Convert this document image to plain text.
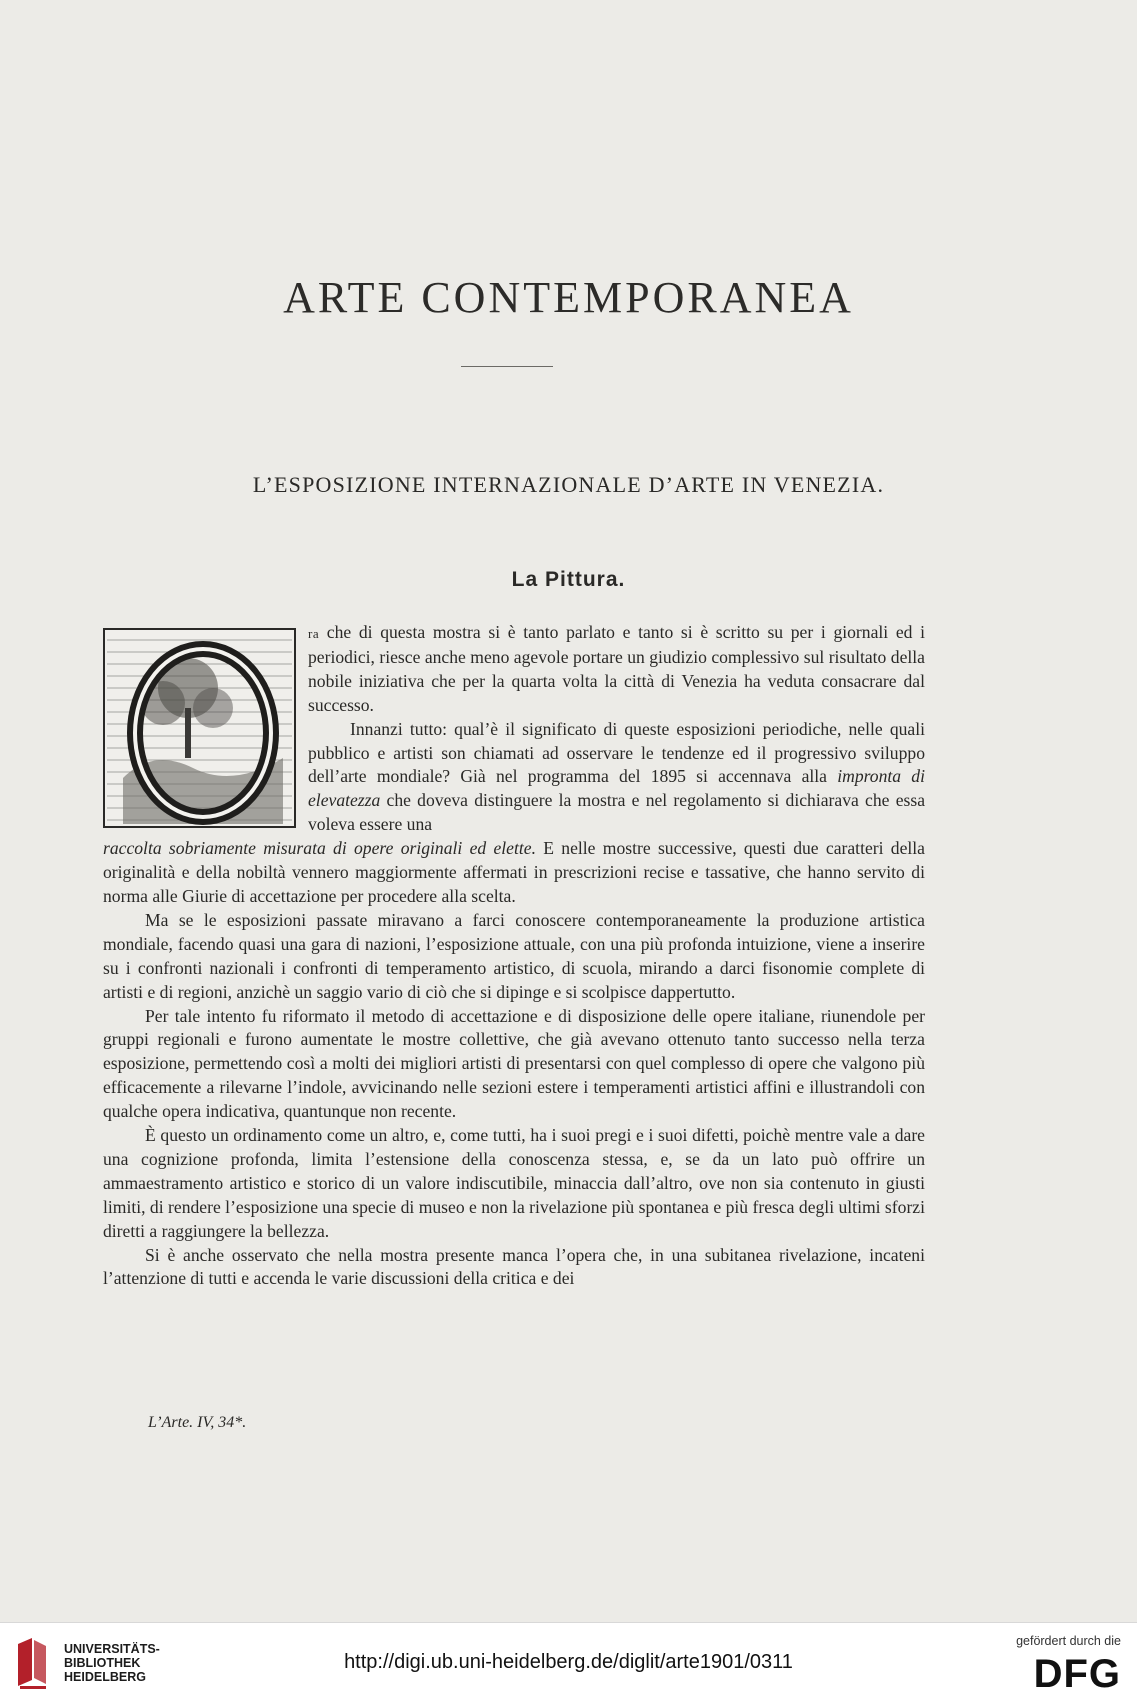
ARTE CONTEMPORANEA
L’ESPOSIZIONE INTERNAZIONALE D’ARTE IN VENEZIA.
La Pittura.

ra che di questa mostra si è tanto parlato e tanto si è scritto su per i giornali ed i periodici, riesce anche meno agevole portare un giudizio complessivo sul risultato della nobile iniziativa che per la quarta volta la città di Venezia ha veduta consacrare dal successo.

Innanzi tutto: qual’è il significato di queste esposizioni periodiche, nelle quali pubblico e artisti son chiamati ad osservare le tendenze ed il progressivo sviluppo dell’arte mondiale? Già nel programma del 1895 si accennava alla impronta di elevatezza che doveva distinguere la mostra e nel regolamento si dichiarava che essa voleva essere una

raccolta sobriamente misurata di opere originali ed elette. E nelle mostre successive, questi due caratteri della originalità e della nobiltà vennero maggiormente affermati in prescrizioni recise e tassative, che hanno servito di norma alle Giurie di accettazione per procedere alla scelta.

Ma se le esposizioni passate miravano a farci conoscere contemporaneamente la produzione artistica mondiale, facendo quasi una gara di nazioni, l’esposizione attuale, con una più profonda intuizione, viene a inserire su i confronti nazionali i confronti di temperamento artistico, di scuola, mirando a darci fisonomie complete di artisti e di regioni, anzichè un saggio vario di ciò che si dipinge e si scolpisce dappertutto.

Per tale intento fu riformato il metodo di accettazione e di disposizione delle opere italiane, riunendole per gruppi regionali e furono aumentate le mostre collettive, che già avevano ottenuto tanto successo nella terza esposizione, permettendo così a molti dei migliori artisti di presentarsi con quel complesso di opere che valgono più efficacemente a rilevarne l’indole, avvicinando nelle sezioni estere i temperamenti artistici affini e illustrandoli con qualche opera indicativa, quantunque non recente.

È questo un ordinamento come un altro, e, come tutti, ha i suoi pregi e i suoi difetti, poichè mentre vale a dare una cognizione profonda, limita l’estensione della conoscenza stessa, e, se da un lato può offrire un ammaestramento artistico e storico di un valore indiscutibile, minaccia dall’altro, ove non sia contenuto in giusti limiti, di rendere l’esposizione una specie di museo e non la rivelazione più spontanea e più fresca degli ultimi sforzi diretti a raggiungere la bellezza.

Si è anche osservato che nella mostra presente manca l’opera che, in una subitanea rivelazione, incateni l’attenzione di tutti e accenda le varie discussioni della critica e dei

L’Arte. IV, 34*.
UNIVERSITÄTS-
BIBLIOTHEK
HEIDELBERG
http://digi.ub.uni-heidelberg.de/diglit/arte1901/0311
gefördert durch die
DFG
